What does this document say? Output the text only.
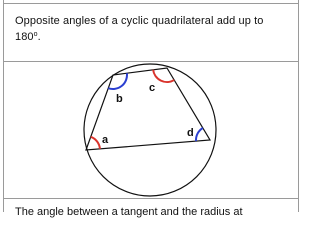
Opposite angles of a cyclic quadrilateral add up to 180$^o$.
a
b
c
d
The angle between a tangent and the radius at
